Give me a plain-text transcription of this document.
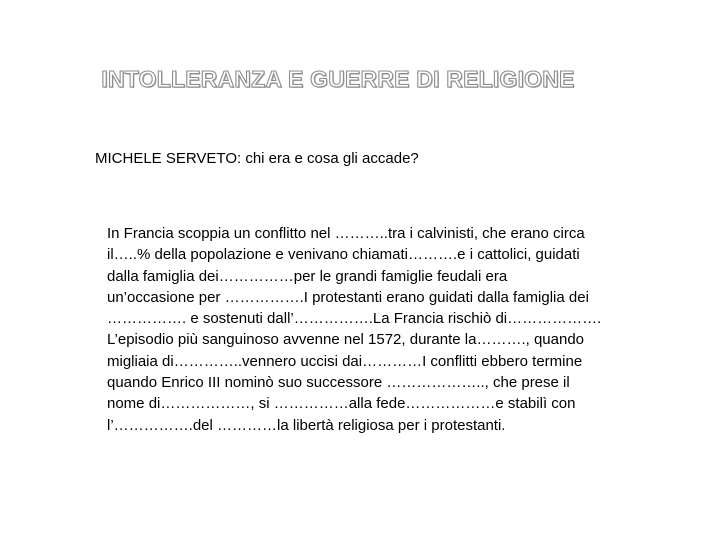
INTOLLERANZA E GUERRE DI RELIGIONE
MICHELE SERVETO: chi era e cosa gli accade?
In Francia scoppia un conflitto nel ………..tra i calvinisti, che erano circa
il…..% della popolazione e venivano chiamati……….e i cattolici, guidati
dalla famiglia dei……………per le grandi famiglie feudali era
un’occasione per …………….I protestanti erano guidati dalla famiglia dei
……………. e sostenuti dall’…………….La Francia rischiò di……………….
L’episodio più sanguinoso avvenne nel 1572, durante la………., quando
migliaia di…………..vennero uccisi dai…………I conflitti ebbero termine
quando Enrico III nominò suo successore ……………….., che prese il
nome di………………, si ……………alla fede………………e stabilì con
l’…………….del …………la libertà religiosa per i protestanti.
